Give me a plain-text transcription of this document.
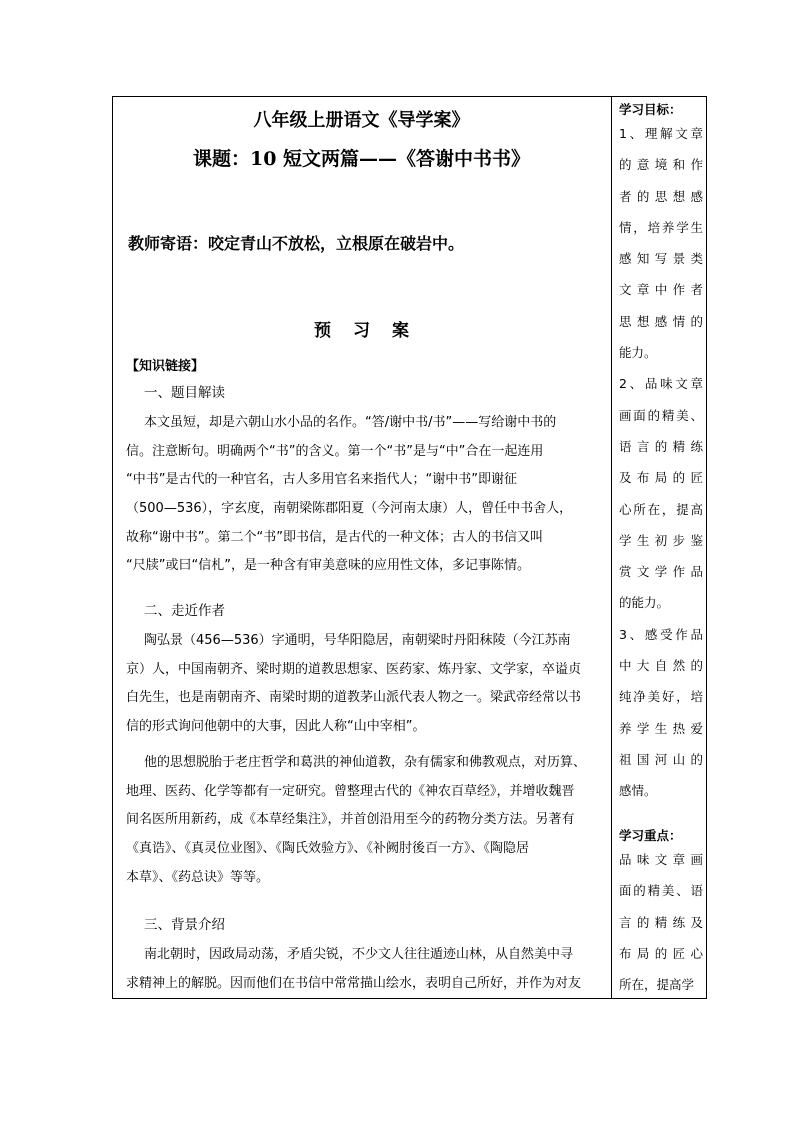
八年级上册语文《导学案》
课题：10 短文两篇——《答谢中书书》
教师寄语：咬定青山不放松，立根原在破岩中。
预习案
【知识链接】
一、题目解读
本文虽短，却是六朝山水小品的名作。“答/谢中书/书”——写给谢中书的
信。注意断句。明确两个“书”的含义。第一个“书”是与“中”合在一起连用
“中书”是古代的一种官名，古人多用官名来指代人；“谢中书”即谢征
（500—536），字玄度，南朝梁陈郡阳夏（今河南太康）人，曾任中书舍人，
故称“谢中书”。第二个“书”即书信，是古代的一种文体；古人的书信又叫
“尺牍”或曰“信札”，是一种含有审美意味的应用性文体，多记事陈情。
二、走近作者
陶弘景（456—536）字通明，号华阳隐居，南朝梁时丹阳秣陵（今江苏南
京）人，中国南朝齐、梁时期的道教思想家、医药家、炼丹家、文学家，卒谥贞
白先生，也是南朝南齐、南梁时期的道教茅山派代表人物之一。梁武帝经常以书
信的形式询问他朝中的大事，因此人称“山中宰相”。
他的思想脱胎于老庄哲学和葛洪的神仙道教，杂有儒家和佛教观点，对历算、
地理、医药、化学等都有一定研究。曾整理古代的《神农百草经》，并增收魏晋
间名医所用新药，成《本草经集注》，并首创沿用至今的药物分类方法。另著有
《真诰》、《真灵位业图》、《陶氏效验方》、《补阙肘後百一方》、《陶隐居
本草》、《药总诀》等等。
三、背景介绍
南北朝时，因政局动荡，矛盾尖锐，不少文人往往遁迹山林，从自然美中寻
求精神上的解脱。因而他们在书信中常常描山绘水，表明自己所好，并作为对友
学习目标：
1、理解文章
的意境和作
者的思想感
情，培养学生
感知写景类
文章中作者
思想感情的
能力。
2、品味文章
画面的精美、
语言的精练
及布局的匠
心所在，提高
学生初步鉴
赏文学作品
的能力。
3、感受作品
中大自然的
纯净美好，培
养学生热爱
祖国河山的
感情。
学习重点：
品味文章画
面的精美、语
言的精练及
布局的匠心
所在，提高学
